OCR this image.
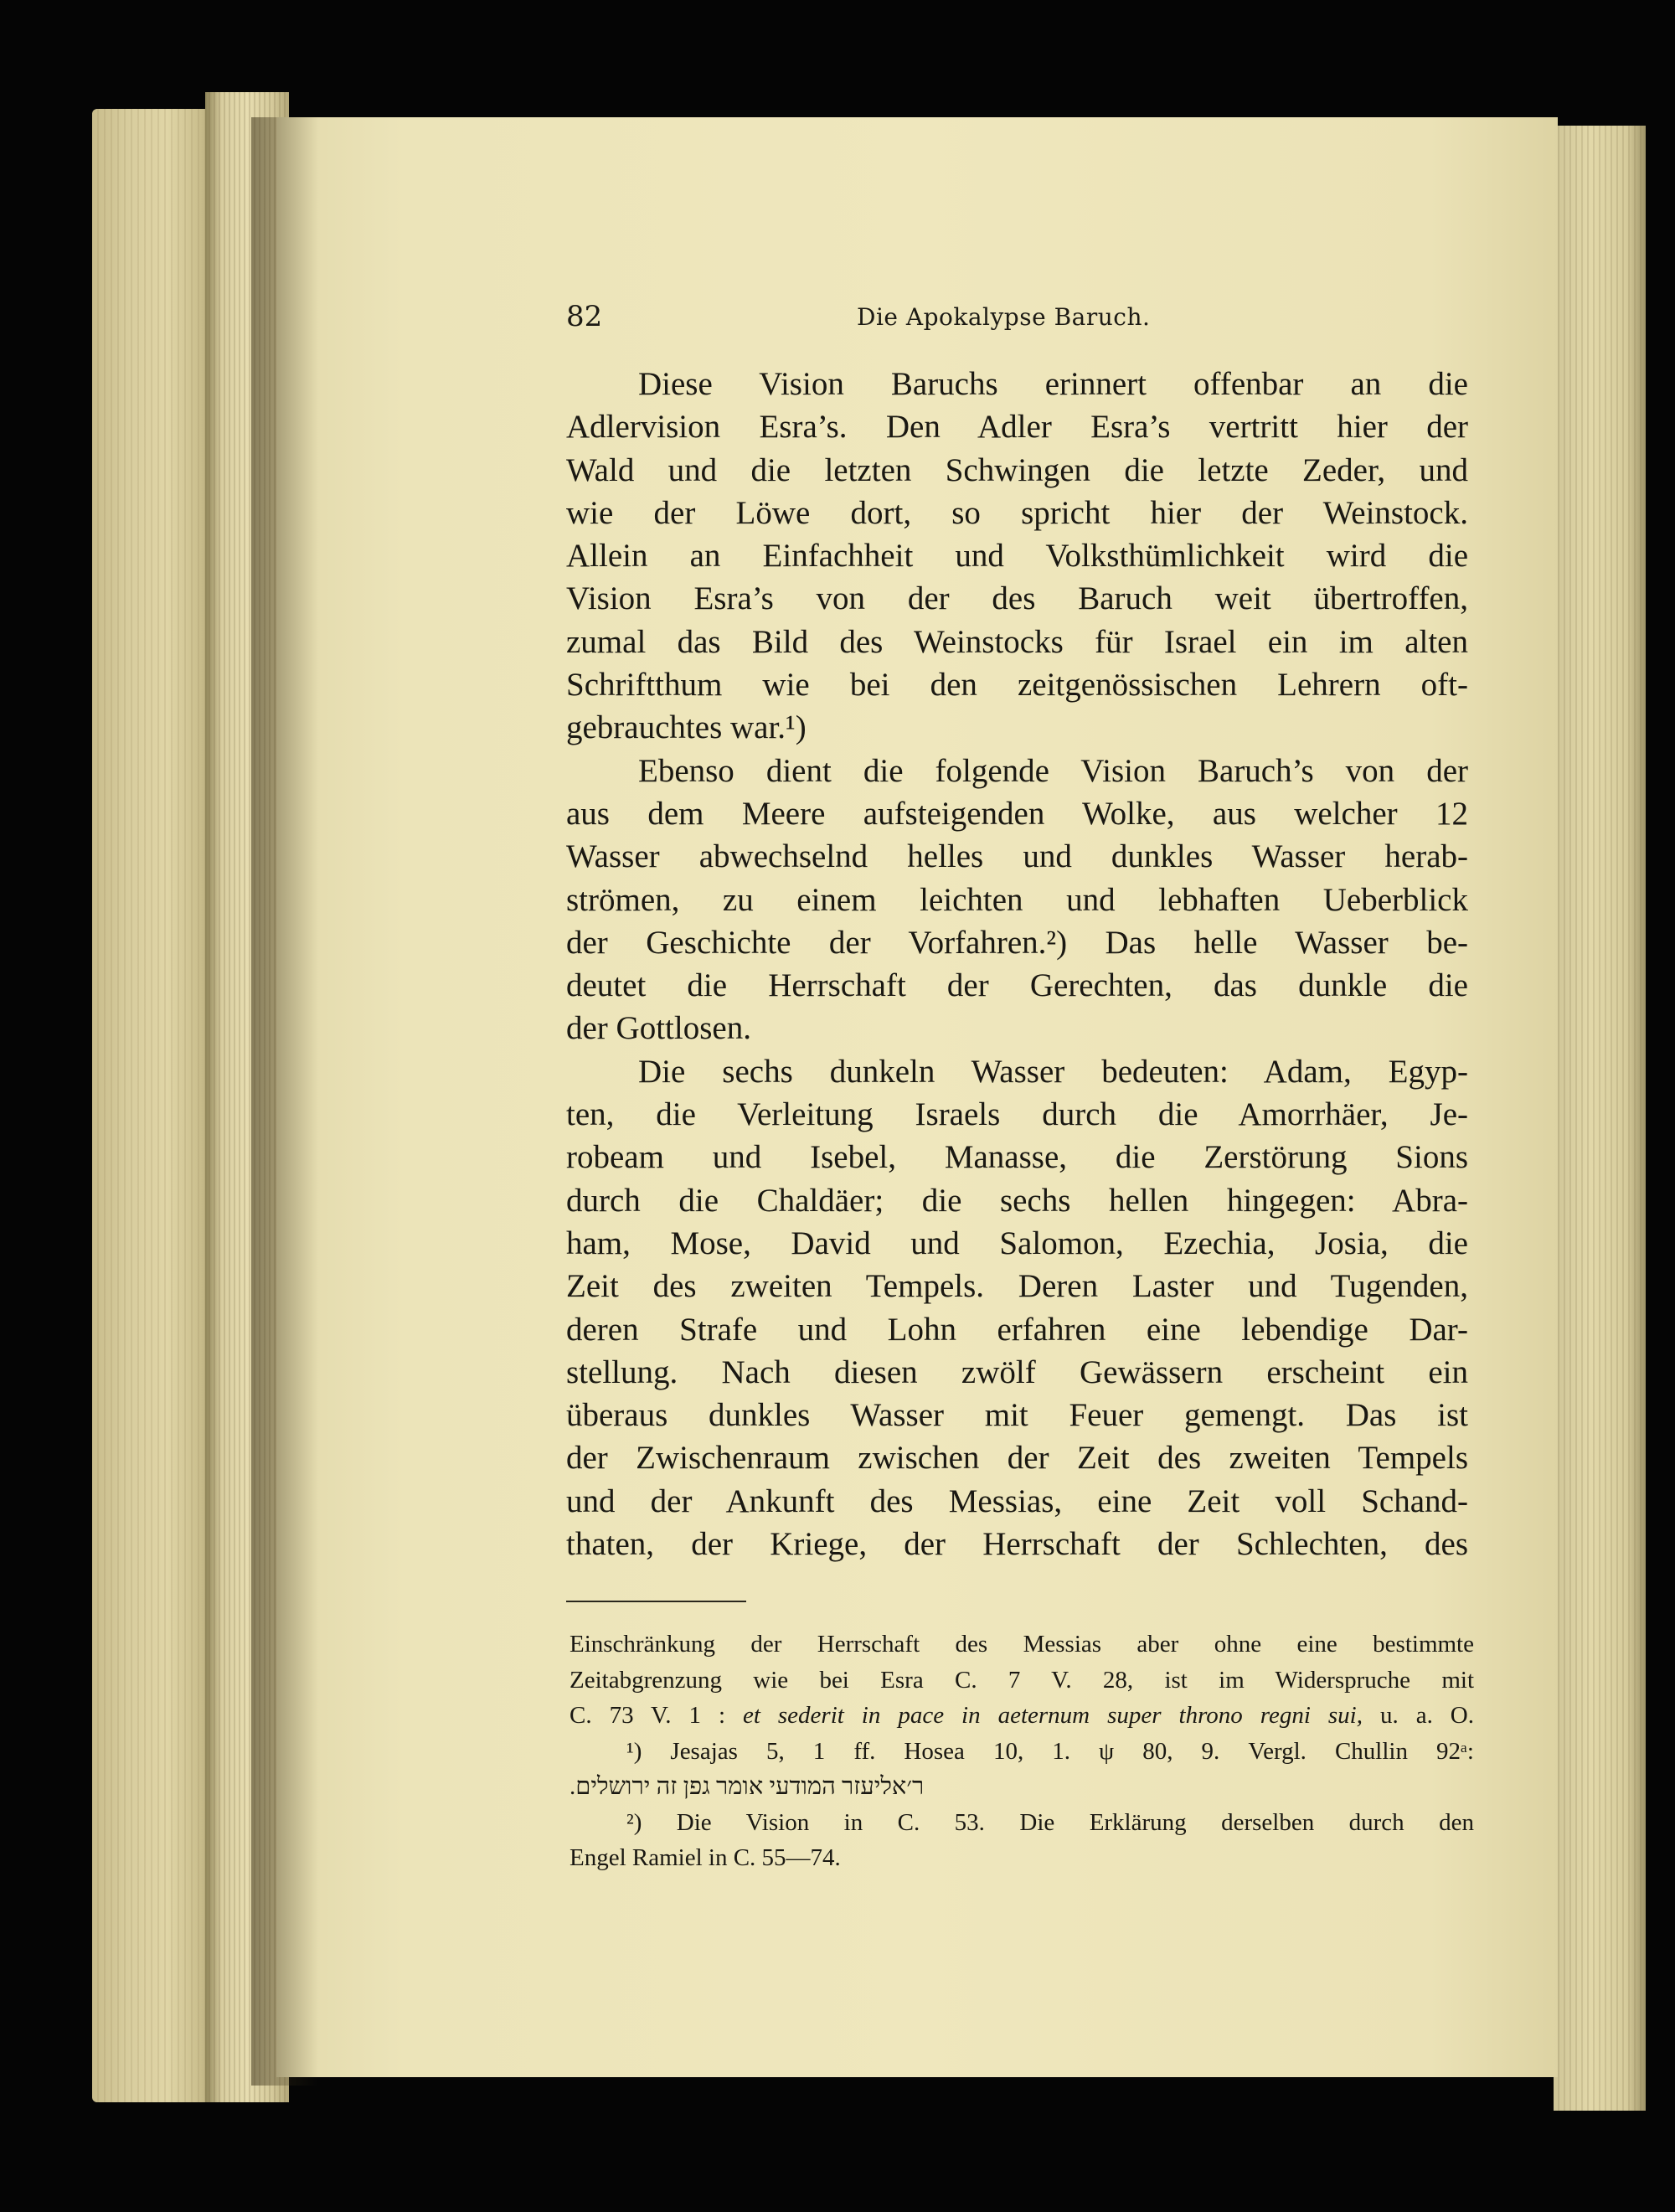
82	Die Apokalypse Baruch.
Diese Vision Baruchs erinnert offenbar an die
Adlervision Esra’s. Den Adler Esra’s vertritt hier der
Wald und die letzten Schwingen die letzte Zeder, und
wie der Löwe dort, so spricht hier der Weinstock.
Allein an Einfachheit und Volksthümlichkeit wird die
Vision Esra’s von der des Baruch weit übertroffen,
zumal das Bild des Weinstocks für Israel ein im alten
Schriftthum wie bei den zeitgenössischen Lehrern oft-
gebrauchtes war.¹)
Ebenso dient die folgende Vision Baruch’s von der
aus dem Meere aufsteigenden Wolke, aus welcher 12
Wasser abwechselnd helles und dunkles Wasser herab-
strömen, zu einem leichten und lebhaften Ueberblick
der Geschichte der Vorfahren.²) Das helle Wasser be-
deutet die Herrschaft der Gerechten, das dunkle die
der Gottlosen.
Die sechs dunkeln Wasser bedeuten: Adam, Egyp-
ten, die Verleitung Israels durch die Amorrhäer, Je-
robeam und Isebel, Manasse, die Zerstörung Sions
durch die Chaldäer; die sechs hellen hingegen: Abra-
ham, Mose, David und Salomon, Ezechia, Josia, die
Zeit des zweiten Tempels. Deren Laster und Tugenden,
deren Strafe und Lohn erfahren eine lebendige Dar-
stellung. Nach diesen zwölf Gewässern erscheint ein
überaus dunkles Wasser mit Feuer gemengt. Das ist
der Zwischenraum zwischen der Zeit des zweiten Tempels
und der Ankunft des Messias, eine Zeit voll Schand-
thaten, der Kriege, der Herrschaft der Schlechten, des
Einschränkung der Herrschaft des Messias aber ohne eine bestimmte
Zeitabgrenzung wie bei Esra C. 7 V. 28, ist im Widerspruche mit
C. 73 V. 1 : et sederit in pace in aeternum super throno regni sui, u. a. O.
¹) Jesajas 5, 1 ff. Hosea 10, 1. ψ 80, 9. Vergl. Chullin 92ᵃ:
ר׳אליעזר המודעי אומר גפן זה ירושלים.
²) Die Vision in C. 53. Die Erklärung derselben durch den
Engel Ramiel in C. 55—74.
